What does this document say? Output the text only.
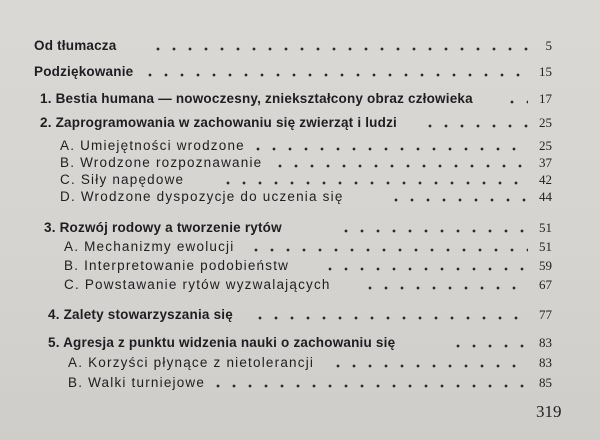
Od tłumacza	5
Podziękowanie	15
1. Bestia humana — nowoczesny, zniekształcony obraz człowieka	17
2. Zaprogramowania w zachowaniu się zwierząt i ludzi	25
A. Umiejętności wrodzone	25
B. Wrodzone rozpoznawanie	37
C. Siły napędowe	42
D. Wrodzone dyspozycje do uczenia się	44
3. Rozwój rodowy a tworzenie rytów	51
A. Mechanizmy ewolucji	51
B. Interpretowanie podobieństw	59
C. Powstawanie rytów wyzwalających	67
4. Zalety stowarzyszania się	77
5. Agresja z punktu widzenia nauki o zachowaniu się	83
A. Korzyści płynące z nietolerancji	83
B. Walki turniejowe	85
319
